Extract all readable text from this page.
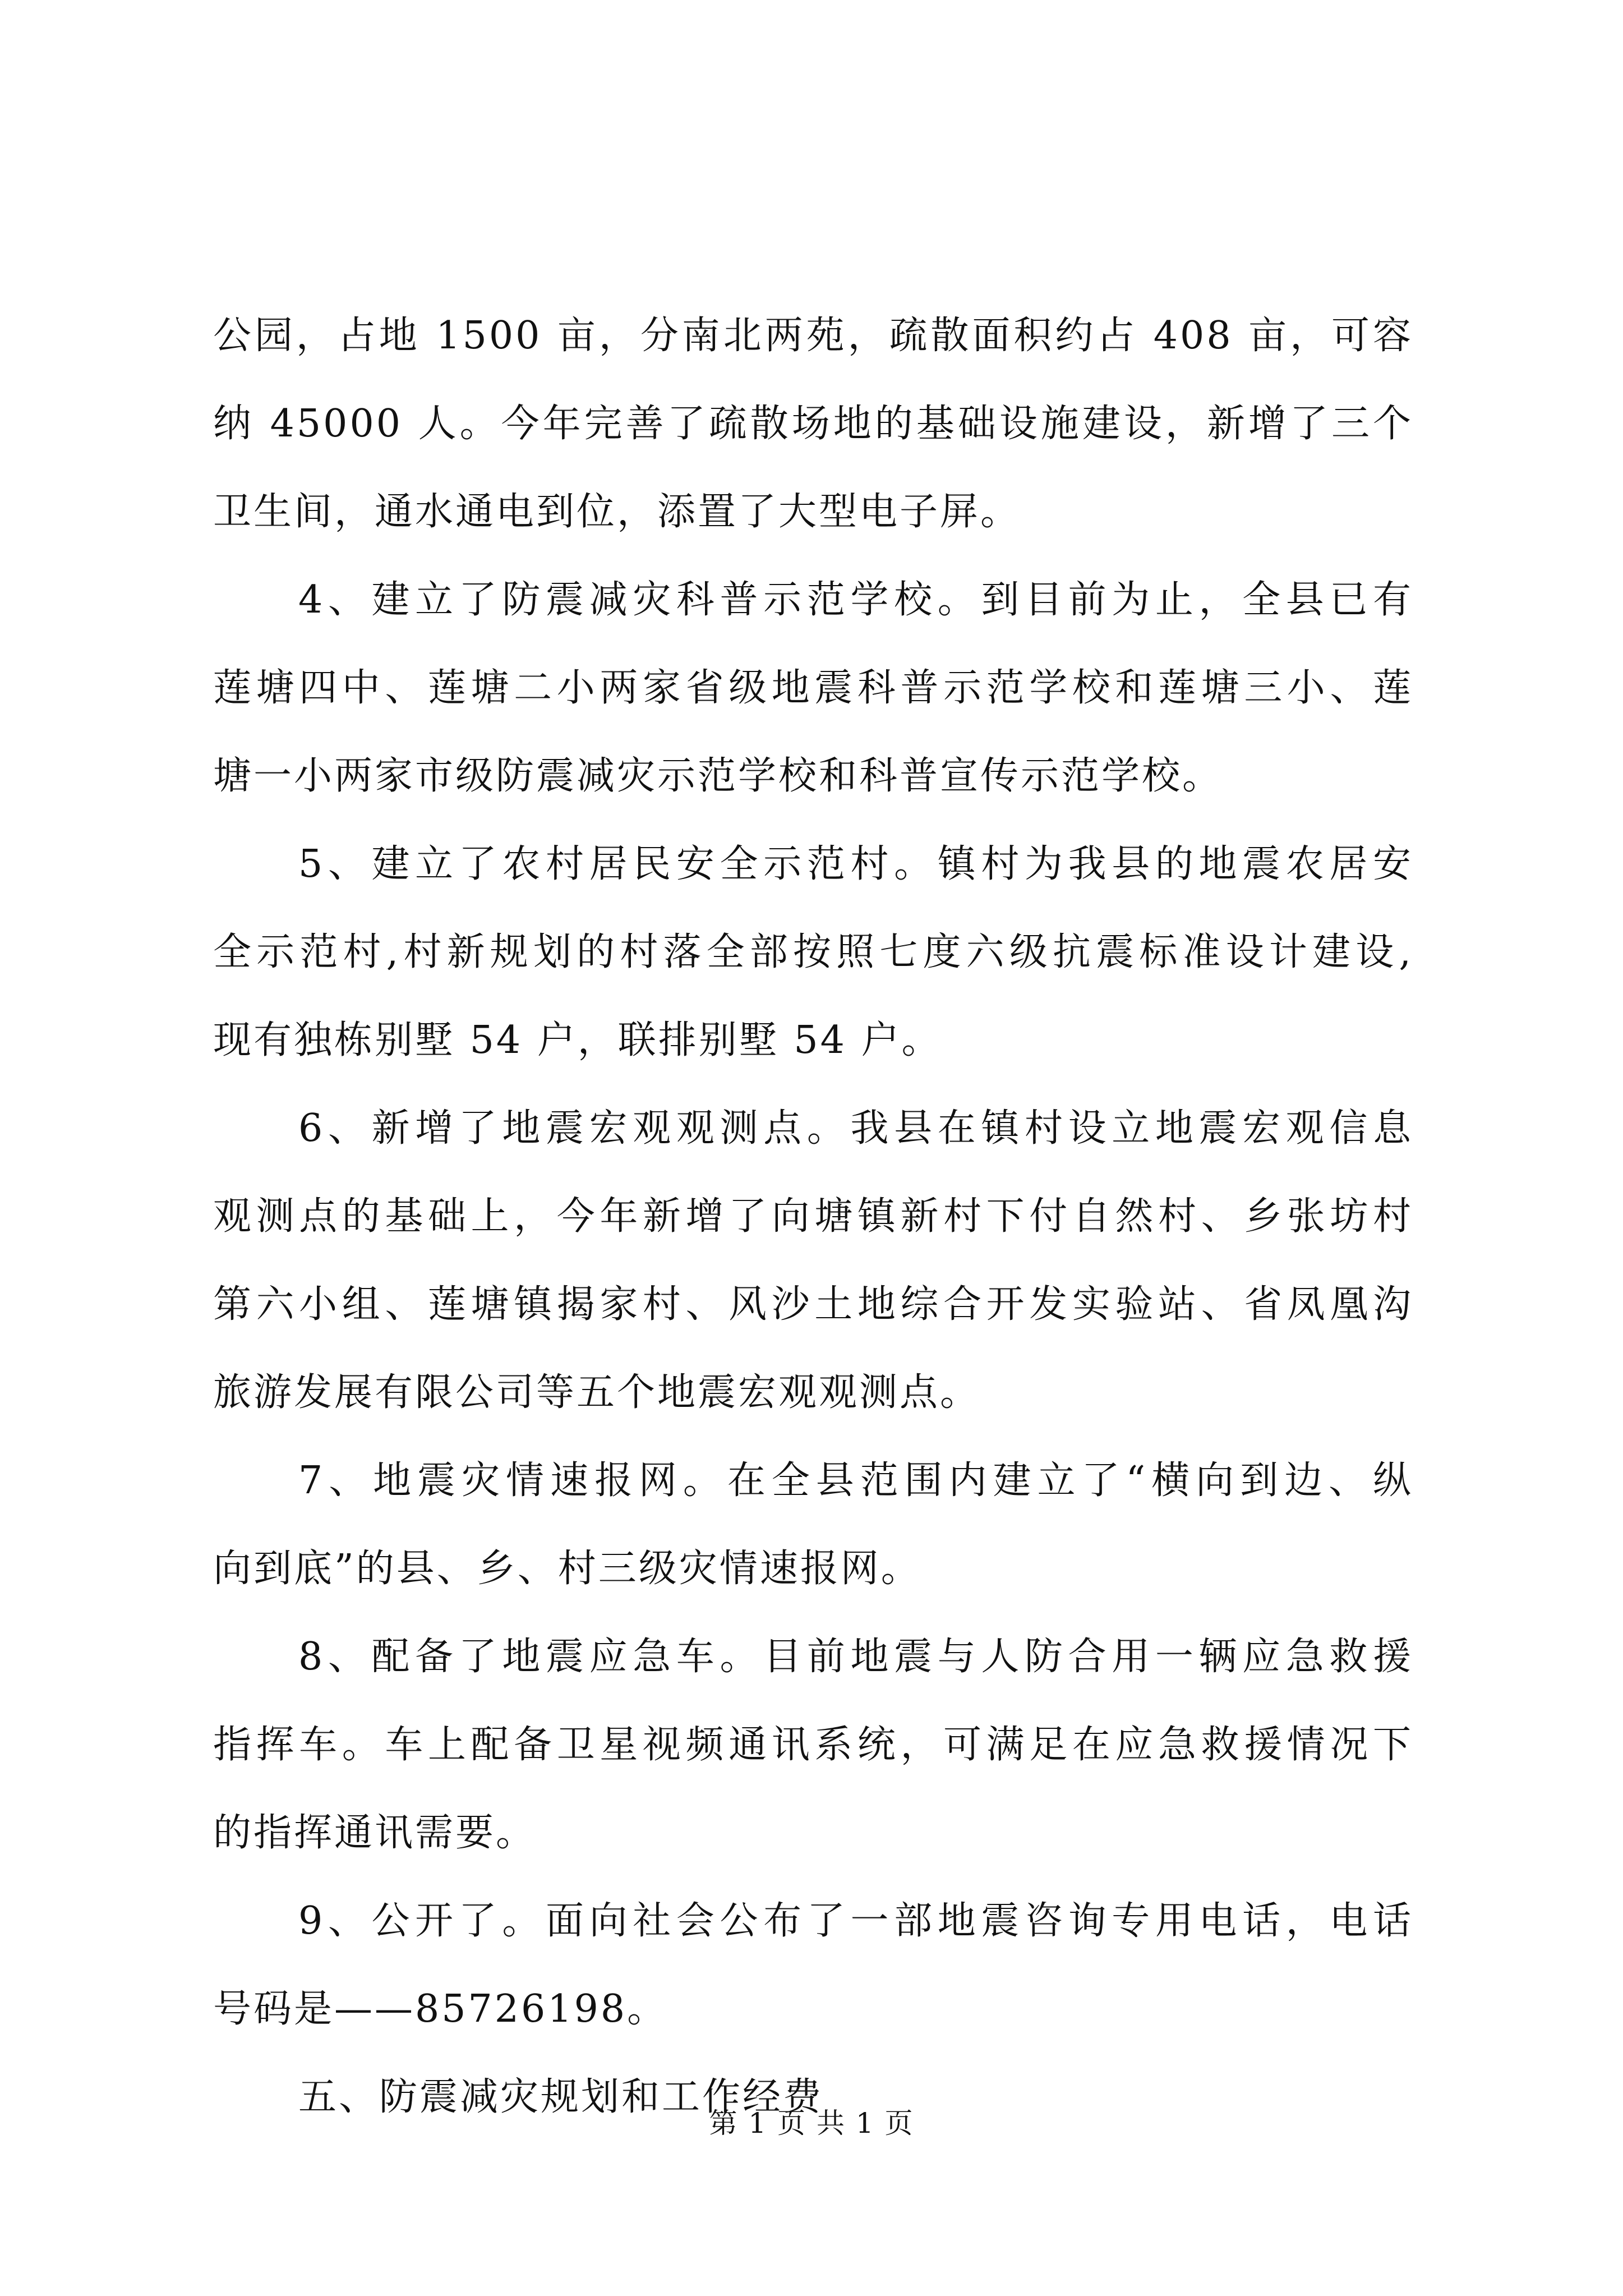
公园，占地 1500 亩，分南北两苑，疏散面积约占 408 亩，可容
纳 45000 人。今年完善了疏散场地的基础设施建设，新增了三个
卫生间，通水通电到位，添置了大型电子屏。
4、建立了防震减灾科普示范学校。到目前为止，全县已有
莲塘四中、莲塘二小两家省级地震科普示范学校和莲塘三小、莲
塘一小两家市级防震减灾示范学校和科普宣传示范学校。
5、建立了农村居民安全示范村。镇村为我县的地震农居安
全示范村,村新规划的村落全部按照七度六级抗震标准设计建设,
现有独栋别墅 54 户，联排别墅 54 户。
6、新增了地震宏观观测点。我县在镇村设立地震宏观信息
观测点的基础上，今年新增了向塘镇新村下付自然村、乡张坊村
第六小组、莲塘镇揭家村、风沙土地综合开发实验站、省凤凰沟
旅游发展有限公司等五个地震宏观观测点。
7、地震灾情速报网。在全县范围内建立了“横向到边、纵
向到底”的县、乡、村三级灾情速报网。
8、配备了地震应急车。目前地震与人防合用一辆应急救援
指挥车。车上配备卫星视频通讯系统，可满足在应急救援情况下
的指挥通讯需要。
9、公开了。面向社会公布了一部地震咨询专用电话，电话
号码是——85726198。
五、防震减灾规划和工作经费
第 1 页 共 1 页
